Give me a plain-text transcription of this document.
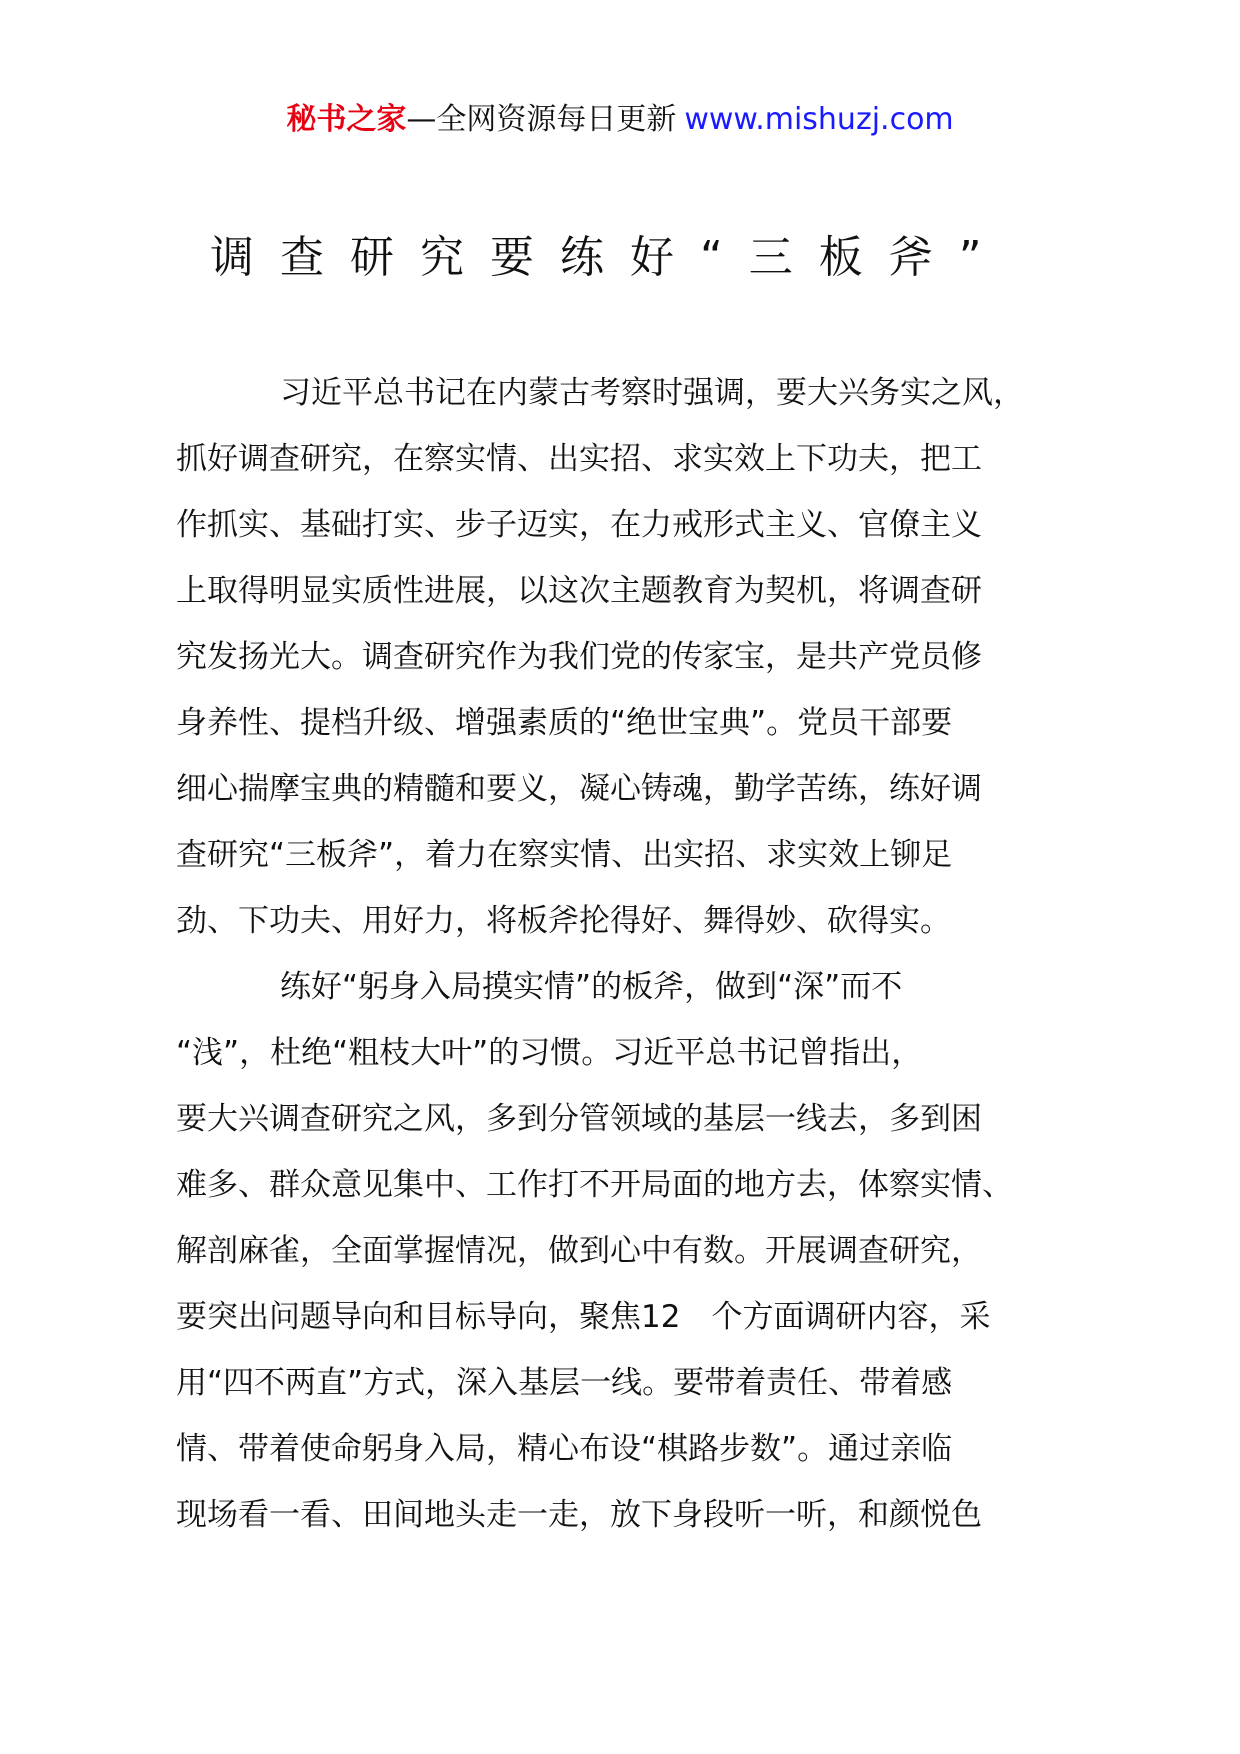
秘书之家—全网资源每日更新 www.mishuzj.com
调查研究要练好“三板斧”
习近平总书记在内蒙古考察时强调，要大兴务实之风，
抓好调查研究，在察实情、出实招、求实效上下功夫，把工
作抓实、基础打实、步子迈实，在力戒形式主义、官僚主义
上取得明显实质性进展，以这次主题教育为契机，将调查研
究发扬光大。调查研究作为我们党的传家宝，是共产党员修
身养性、提档升级、增强素质的“绝世宝典”。党员干部要
细心揣摩宝典的精髓和要义，凝心铸魂，勤学苦练，练好调
查研究“三板斧”，着力在察实情、出实招、求实效上铆足
劲、下功夫、用好力，将板斧抡得好、舞得妙、砍得实。
练好“躬身入局摸实情”的板斧，做到“深”而不
“浅”，杜绝“粗枝大叶”的习惯。习近平总书记曾指出，
要大兴调查研究之风，多到分管领域的基层一线去，多到困
难多、群众意见集中、工作打不开局面的地方去，体察实情、
解剖麻雀，全面掌握情况，做到心中有数。开展调查研究，
要突出问题导向和目标导向，聚焦12　个方面调研内容，采
用“四不两直”方式，深入基层一线。要带着责任、带着感
情、带着使命躬身入局，精心布设“棋路步数”。通过亲临
现场看一看、田间地头走一走，放下身段听一听，和颜悦色
